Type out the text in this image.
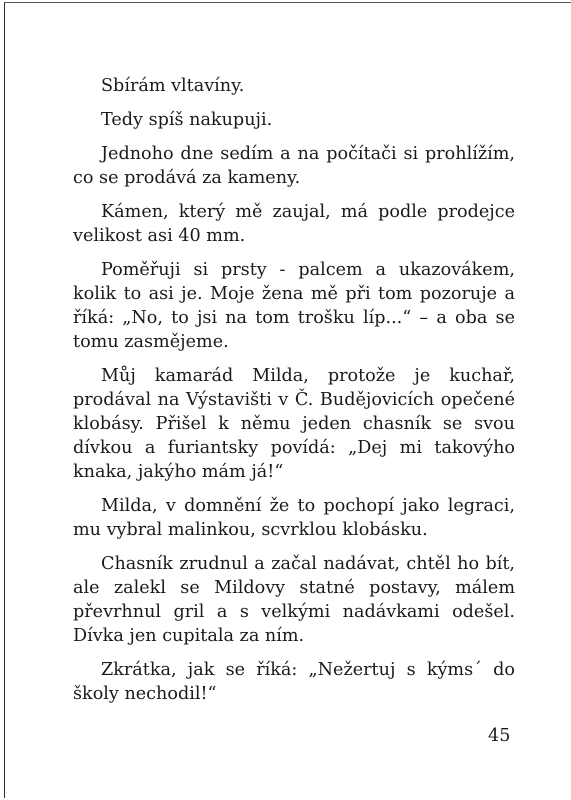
Sbírám vltavíny.

Tedy spíš nakupuji.

Jednoho dne sedím a na počítači si prohlížím, co se prodává za kameny.

Kámen, který mě zaujal, má podle prodejce velikost asi 40 mm.

Poměřuji si prsty - palcem a ukazovákem, kolik to asi je. Moje žena mě při tom pozoruje a říká: „No, to jsi na tom trošku líp...“ – a oba se tomu zasmějeme.

Můj kamarád Milda, protože je kuchař, prodával na Výstavišti v Č. Budějovicích opečené klobásy. Přišel k němu jeden chasník se svou dívkou a furiantsky povídá: „Dej mi takovýho knaka, jakýho mám já!“

Milda, v domnění že to pochopí jako legraci, mu vybral malinkou, scvrklou klobásku.

Chasník zrudnul a začal nadávat, chtěl ho bít, ale zalekl se Mildovy statné postavy, málem převrhnul gril a s velkými nadávkami odešel. Dívka jen cupitala za ním.

Zkrátka, jak se říká: „Nežertuj s kýms´ do školy nechodil!“

45
